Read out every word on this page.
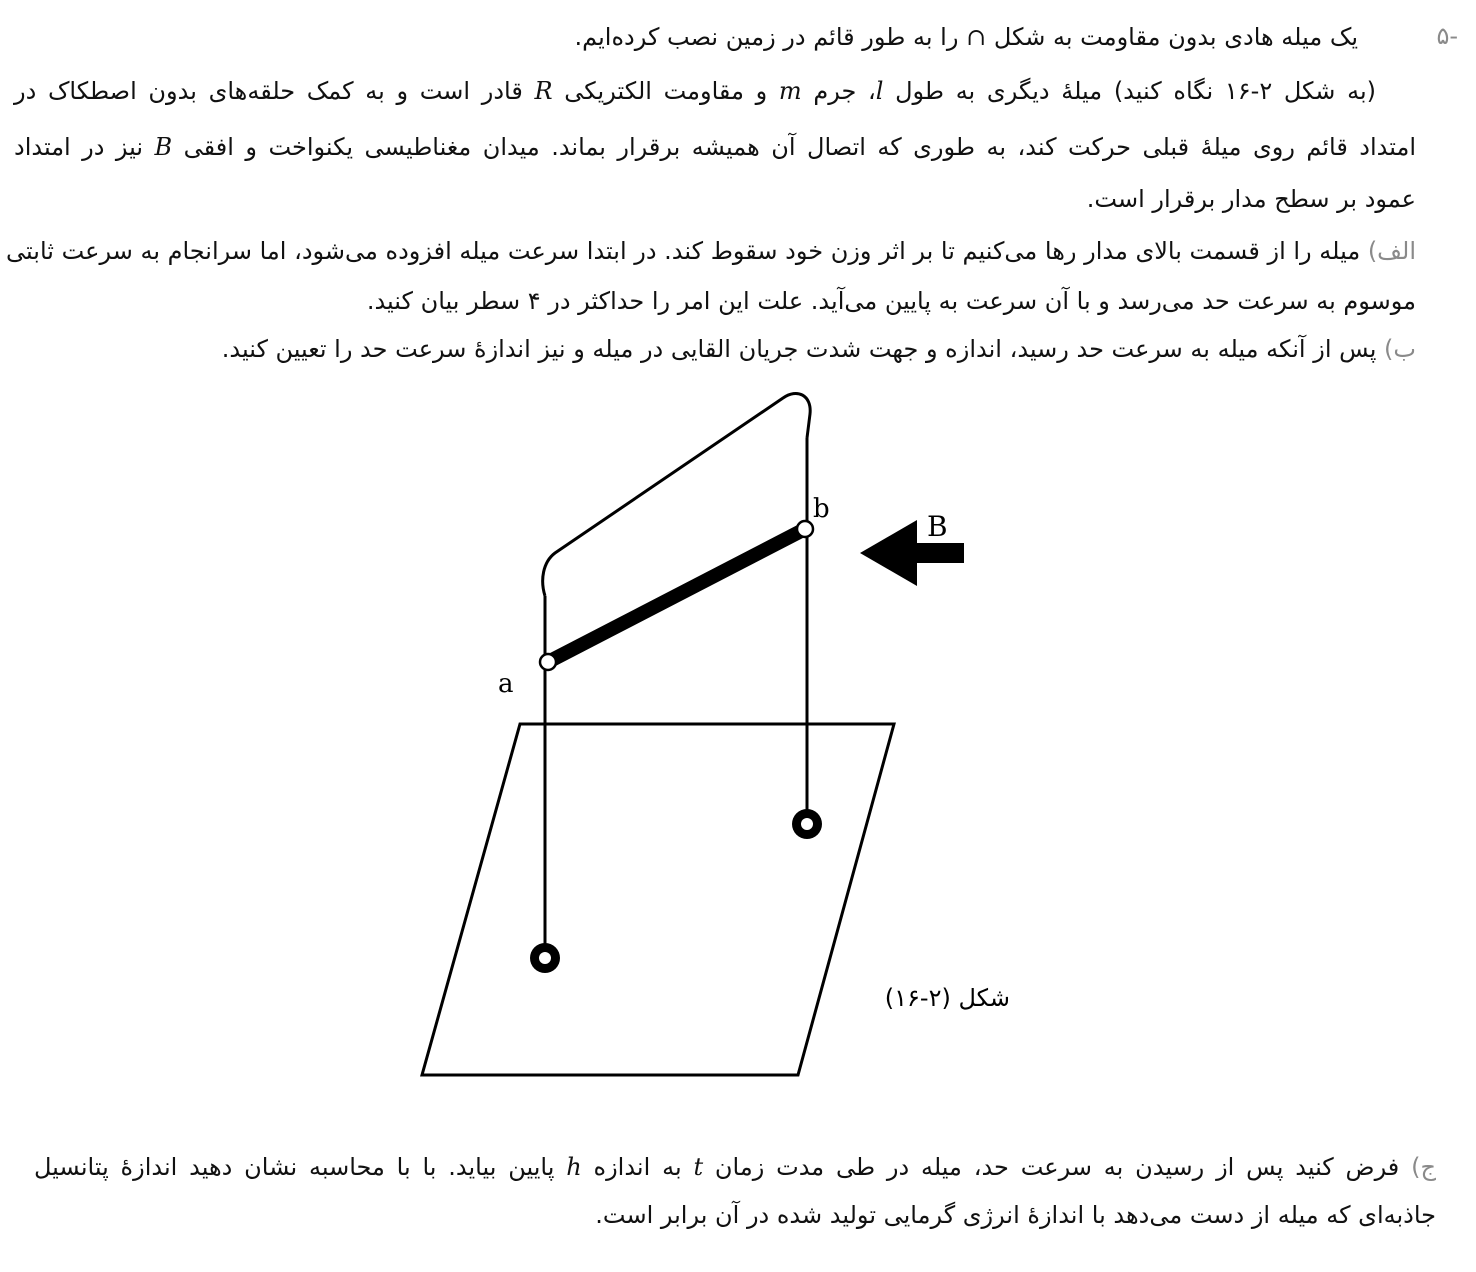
-۵
یک میله هادی بدون مقاومت به شکل ∩ را به طور قائم در زمین نصب کرده‌ایم.
(به شکل ۲-۱۶ نگاه کنید) میلهٔ دیگری به طول l، جرم m و مقاومت الکتریکی R قادر است و به کمک حلقه‌های بدون اصطکاک در
امتداد قائم روی میلهٔ قبلی حرکت کند، به طوری که اتصال آن همیشه برقرار بماند. میدان مغناطیسی یکنواخت و افقی B نیز در امتداد
عمود بر سطح مدار برقرار است.
الف) میله را از قسمت بالای مدار رها می‌کنیم تا بر اثر وزن خود سقوط کند. در ابتدا سرعت میله افزوده می‌شود، اما سرانجام به سرعت ثابتی
موسوم به سرعت حد می‌رسد و با آن سرعت به پایین می‌آید. علت این امر را حداکثر در ۴ سطر بیان کنید.
ب) پس از آنکه میله به سرعت حد رسید، اندازه و جهت شدت جریان القایی در میله و نیز اندازهٔ سرعت حد را تعیین کنید.
a
b
B
شکل (۲-۱۶)
ج) فرض کنید پس از رسیدن به سرعت حد، میله در طی مدت زمان t به اندازه h پایین بیاید. با با محاسبه نشان دهید اندازهٔ پتانسیل
جاذبه‌ای که میله از دست می‌دهد با اندازهٔ انرژی گرمایی تولید شده در آن برابر است.
